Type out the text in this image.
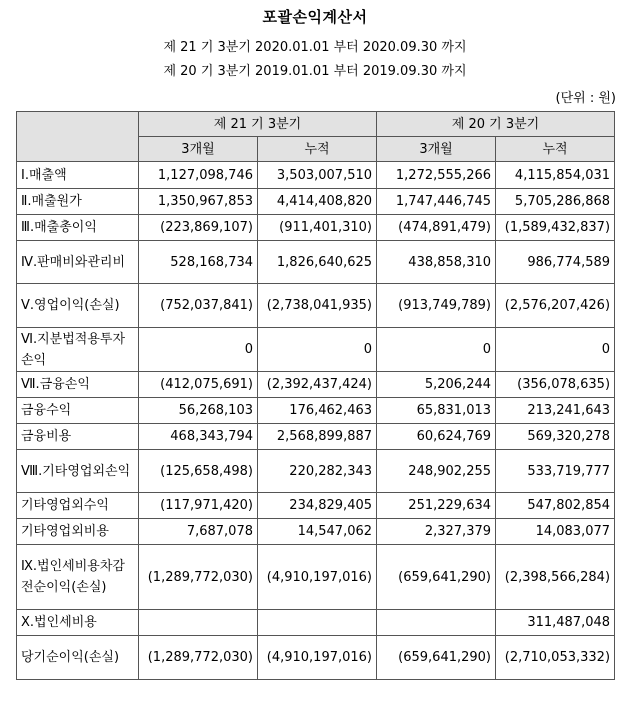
포괄손익계산서
제 21 기 3분기 2020.01.01 부터 2020.09.30 까지
제 20 기 3분기 2019.01.01 부터 2019.09.30 까지
(단위 : 원)
	제 21 기 3분기		제 20 기 3분기	
	3개월	누적	3개월	누적
Ⅰ.매출액	1,127,098,746	3,503,007,510	1,272,555,266	4,115,854,031
Ⅱ.매출원가	1,350,967,853	4,414,408,820	1,747,446,745	5,705,286,868
Ⅲ.매출총이익	(223,869,107)	(911,401,310)	(474,891,479)	(1,589,432,837)
Ⅳ.판매비와관리비	528,168,734	1,826,640,625	438,858,310	986,774,589
Ⅴ.영업이익(손실)	(752,037,841)	(2,738,041,935)	(913,749,789)	(2,576,207,426)
Ⅵ.지분법적용투자손익	0	0	0	0
Ⅶ.금융손익	(412,075,691)	(2,392,437,424)	5,206,244	(356,078,635)
금융수익	56,268,103	176,462,463	65,831,013	213,241,643
금융비용	468,343,794	2,568,899,887	60,624,769	569,320,278
Ⅷ.기타영업외손익	(125,658,498)	220,282,343	248,902,255	533,719,777
기타영업외수익	(117,971,420)	234,829,405	251,229,634	547,802,854
기타영업외비용	7,687,078	14,547,062	2,327,379	14,083,077
Ⅸ.법인세비용차감전순이익(손실)	(1,289,772,030)	(4,910,197,016)	(659,641,290)	(2,398,566,284)
Ⅹ.법인세비용				311,487,048
당기순이익(손실)	(1,289,772,030)	(4,910,197,016)	(659,641,290)	(2,710,053,332)
